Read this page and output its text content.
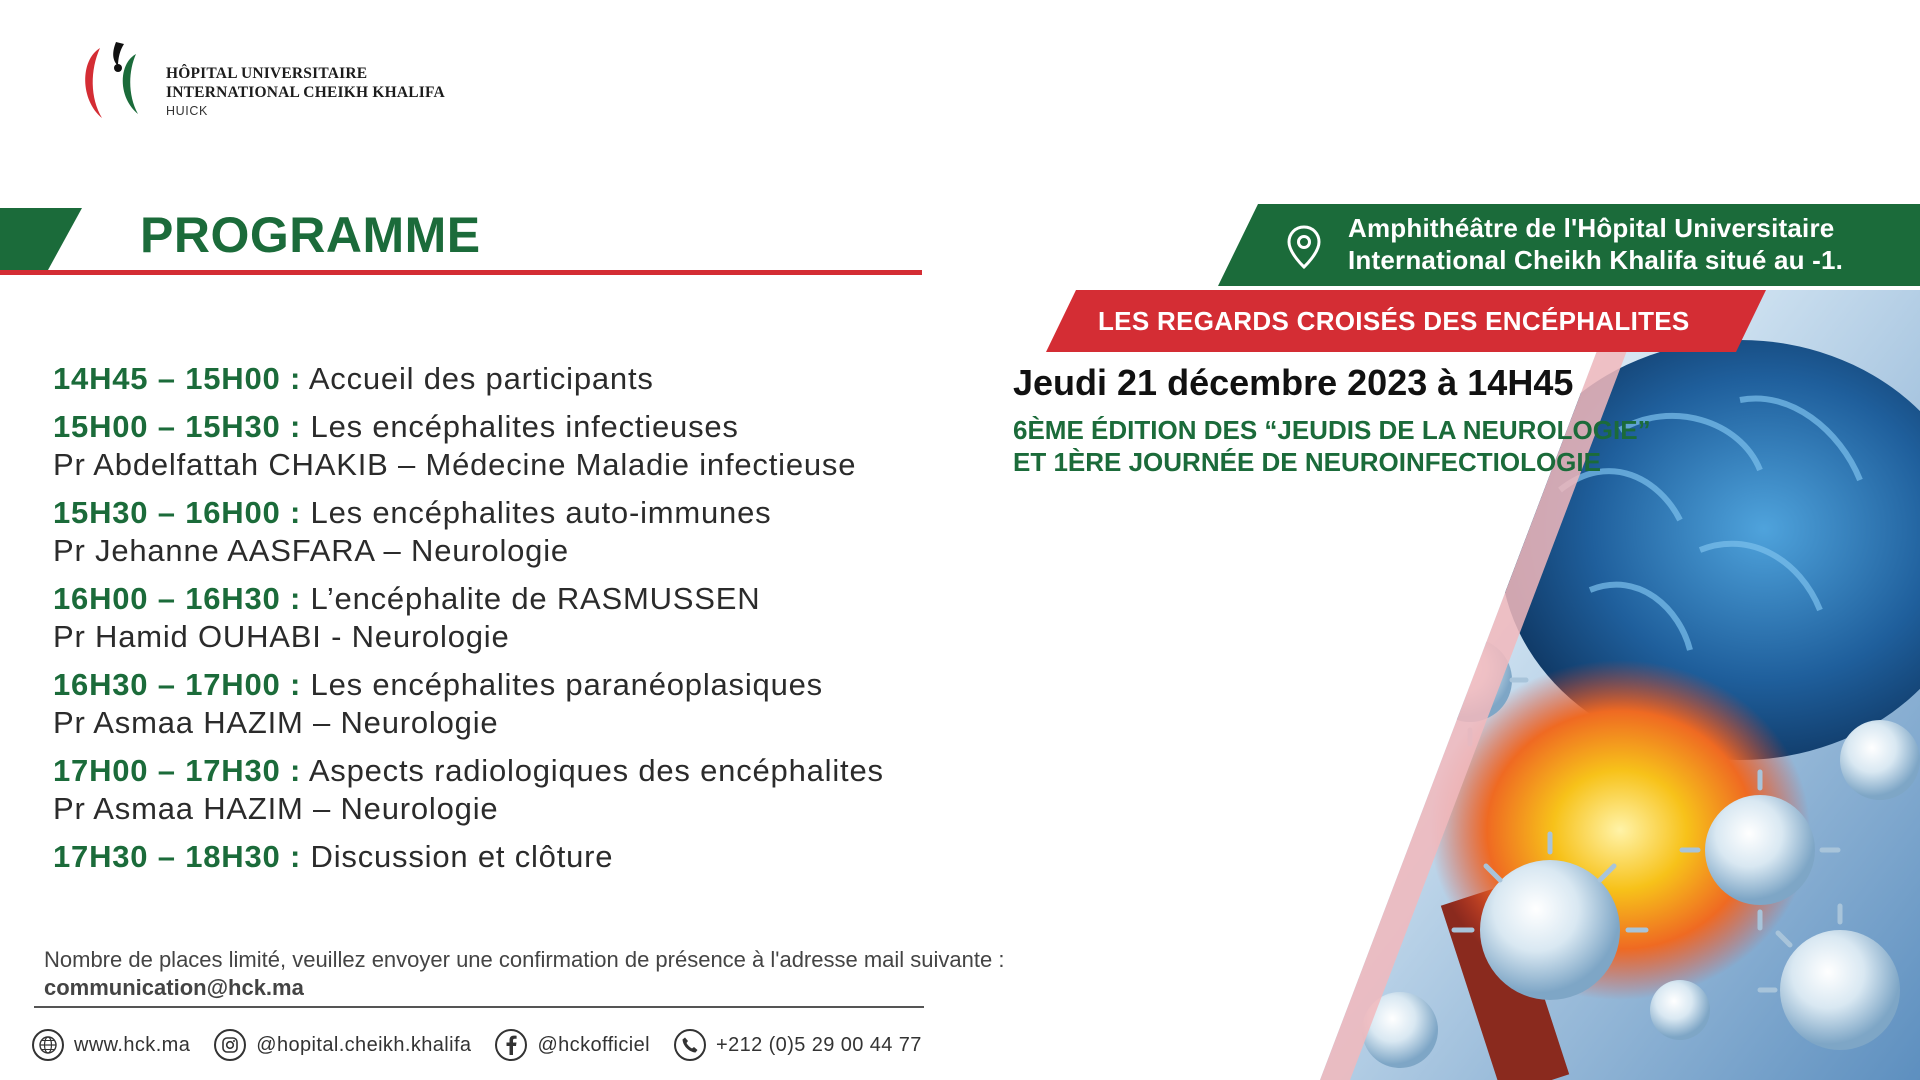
HÔPITAL UNIVERSITAIRE
INTERNATIONAL CHEIKH KHALIFA
HUICK
PROGRAMME
14H45 – 15H00 : Accueil des participants
15H00 – 15H30 : Les encéphalites infectieuses
Pr Abdelfattah CHAKIB – Médecine Maladie infectieuse
15H30 – 16H00 : Les encéphalites auto-immunes
Pr Jehanne AASFARA – Neurologie
16H00 – 16H30 : L’encéphalite de RASMUSSEN
Pr Hamid OUHABI - Neurologie
16H30 – 17H00 : Les encéphalites paranéoplasiques
Pr Asmaa HAZIM – Neurologie
17H00 – 17H30 : Aspects radiologiques des encéphalites
Pr Asmaa HAZIM – Neurologie
17H30 – 18H30 : Discussion et clôture
Nombre de places limité, veuillez envoyer une confirmation de présence à l'adresse mail suivante :
communication@hck.ma
www.hck.ma	@hopital.cheikh.khalifa	@hckofficiel	+212 (0)5 29 00 44 77
Amphithéâtre de l'Hôpital Universitaire
International Cheikh Khalifa situé au -1.
LES REGARDS CROISÉS DES ENCÉPHALITES
Jeudi 21 décembre 2023 à 14H45
6ÈME ÉDITION DES “JEUDIS DE LA NEUROLOGIE”
ET 1ÈRE JOURNÉE DE NEUROINFECTIOLOGIE
